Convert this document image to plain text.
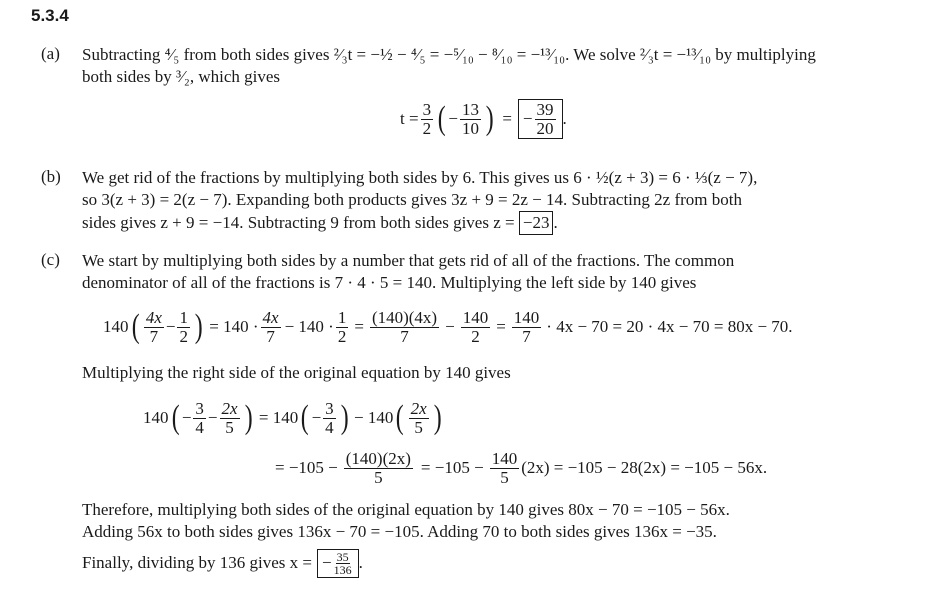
5.3.4
(a) Subtracting ⁴⁄₅ from both sides gives ²⁄₃t = −½ − ⁴⁄₅ = −⁵⁄₁₀ − ⁸⁄₁₀ = −¹³⁄₁₀. We solve ²⁄₃t = −¹³⁄₁₀ by multiplying
both sides by ³⁄₂, which gives
$t = \frac{3}{2}$ ( − $\frac{13}{10}$ ) = − $\frac{39}{20}$ .
(b) We get rid of the fractions by multiplying both sides by 6. This gives us 6 · ½(z + 3) = 6 · ⅓(z − 7),
so 3(z + 3) = 2(z − 7). Expanding both products gives 3z + 9 = 2z − 14. Subtracting 2z from both
sides gives z + 9 = −14. Subtracting 9 from both sides gives z = −23 .
(c) We start by multiplying both sides by a number that gets rid of all of the fractions. The common
denominator of all of the fractions is 7 · 4 · 5 = 140. Multiplying the left side by 140 gives
140 ( $\frac{4x}{7} - \frac{1}{2}$ ) = $140 \cdot \frac{4x}{7} - 140 \cdot \frac{1}{2} = \frac{(140)(4x)}{7} - \frac{140}{2} = \frac{140}{7} \cdot 4x - 70 = 20 \cdot 4x - 70 = 80x - 70$.
Multiplying the right side of the original equation by 140 gives
140 ( − $\frac{3}{4} - \frac{2x}{5}$ ) = 140 ( − $\frac{3}{4}$ ) − 140 ( $\frac{2x}{5}$ )
= $-105 - \frac{(140)(2x)}{5} = -105 - \frac{140}{5} (2x) = -105 - 28(2x) = -105 - 56x$.
Therefore, multiplying both sides of the original equation by 140 gives 80x − 70 = −105 − 56x.
Adding 56x to both sides gives 136x − 70 = −105. Adding 70 to both sides gives 136x = −35.
Finally, dividing by 136 gives x = − $\frac{35}{136}$ .
